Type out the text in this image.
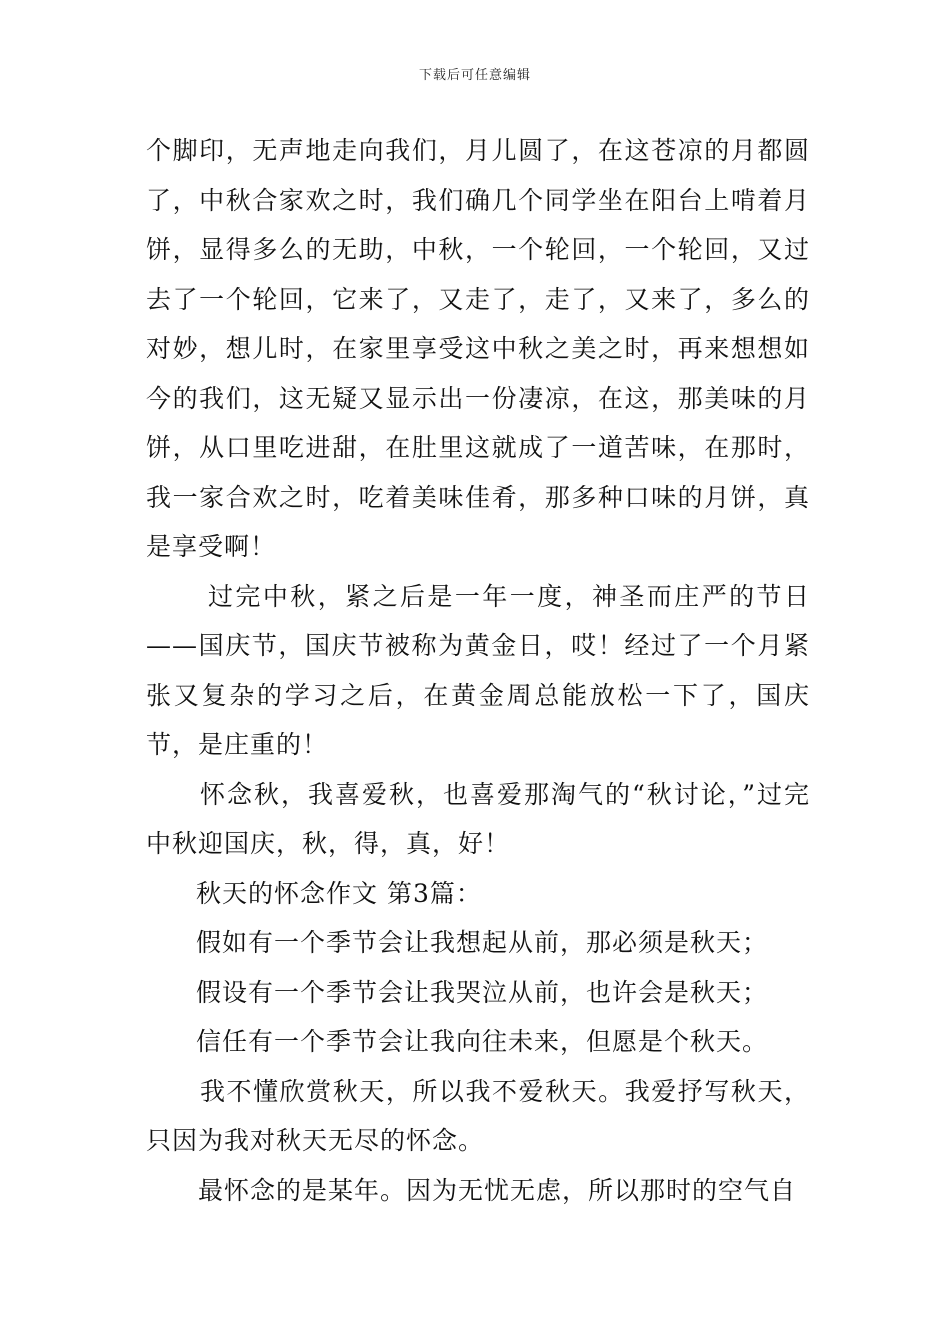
下载后可任意编辑

个脚印，无声地走向我们，月儿圆了，在这苍凉的月都圆了，中秋合家欢之时，我们确几个同学坐在阳台上啃着月饼，显得多么的无助，中秋，一个轮回，一个轮回，又过去了一个轮回，它来了，又走了，走了，又来了，多么的对妙，想儿时，在家里享受这中秋之美之时，再来想想如今的我们，这无疑又显示出一份凄凉，在这，那美味的月饼，从口里吃进甜，在肚里这就成了一道苦味，在那时，我一家合欢之时，吃着美味佳肴，那多种口味的月饼，真是享受啊！

过完中秋，紧之后是一年一度，神圣而庄严的节日——国庆节，国庆节被称为黄金日，哎！经过了一个月紧张又复杂的学习之后，在黄金周总能放松一下了，国庆节，是庄重的！

怀念秋，我喜爱秋，也喜爱那淘气的“秋讨论，”过完中秋迎国庆，秋，得，真，好！

秋天的怀念作文 第3篇：

假如有一个季节会让我想起从前，那必须是秋天；

假设有一个季节会让我哭泣从前，也许会是秋天；

信任有一个季节会让我向往未来，但愿是个秋天。

我不懂欣赏秋天，所以我不爱秋天。我爱抒写秋天，只因为我对秋天无尽的怀念。

最怀念的是某年。因为无忧无虑，所以那时的空气自
